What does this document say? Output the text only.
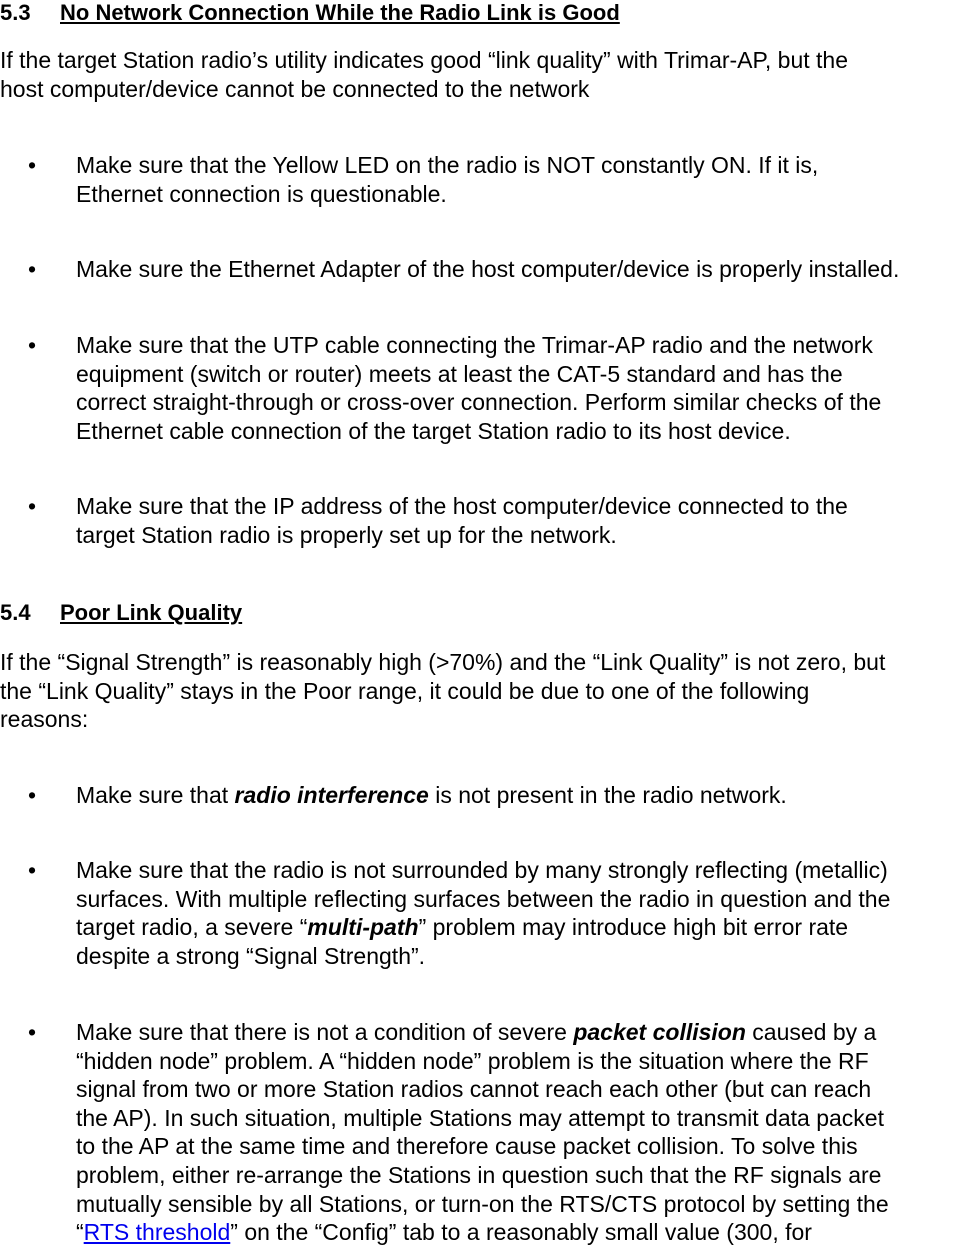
5.3 No Network Connection While the Radio Link is Good
If the target Station radio’s utility indicates good “link quality” with Trimar-AP, but the
host computer/device cannot be connected to the network
• Make sure that the Yellow LED on the radio is NOT constantly ON. If it is,
Ethernet connection is questionable.
• Make sure the Ethernet Adapter of the host computer/device is properly installed.
• Make sure that the UTP cable connecting the Trimar-AP radio and the network
equipment (switch or router) meets at least the CAT-5 standard and has the
correct straight-through or cross-over connection. Perform similar checks of the
Ethernet cable connection of the target Station radio to its host device.
• Make sure that the IP address of the host computer/device connected to the
target Station radio is properly set up for the network.
5.4 Poor Link Quality
If the “Signal Strength” is reasonably high (>70%) and the “Link Quality” is not zero, but
the “Link Quality” stays in the Poor range, it could be due to one of the following
reasons:
• Make sure that radio interference is not present in the radio network.
• Make sure that the radio is not surrounded by many strongly reflecting (metallic)
surfaces. With multiple reflecting surfaces between the radio in question and the
target radio, a severe “multi-path” problem may introduce high bit error rate
despite a strong “Signal Strength”.
• Make sure that there is not a condition of severe packet collision caused by a
“hidden node” problem. A “hidden node” problem is the situation where the RF
signal from two or more Station radios cannot reach each other (but can reach
the AP). In such situation, multiple Stations may attempt to transmit data packet
to the AP at the same time and therefore cause packet collision. To solve this
problem, either re-arrange the Stations in question such that the RF signals are
mutually sensible by all Stations, or turn-on the RTS/CTS protocol by setting the
“RTS threshold” on the “Config” tab to a reasonably small value (300, for
